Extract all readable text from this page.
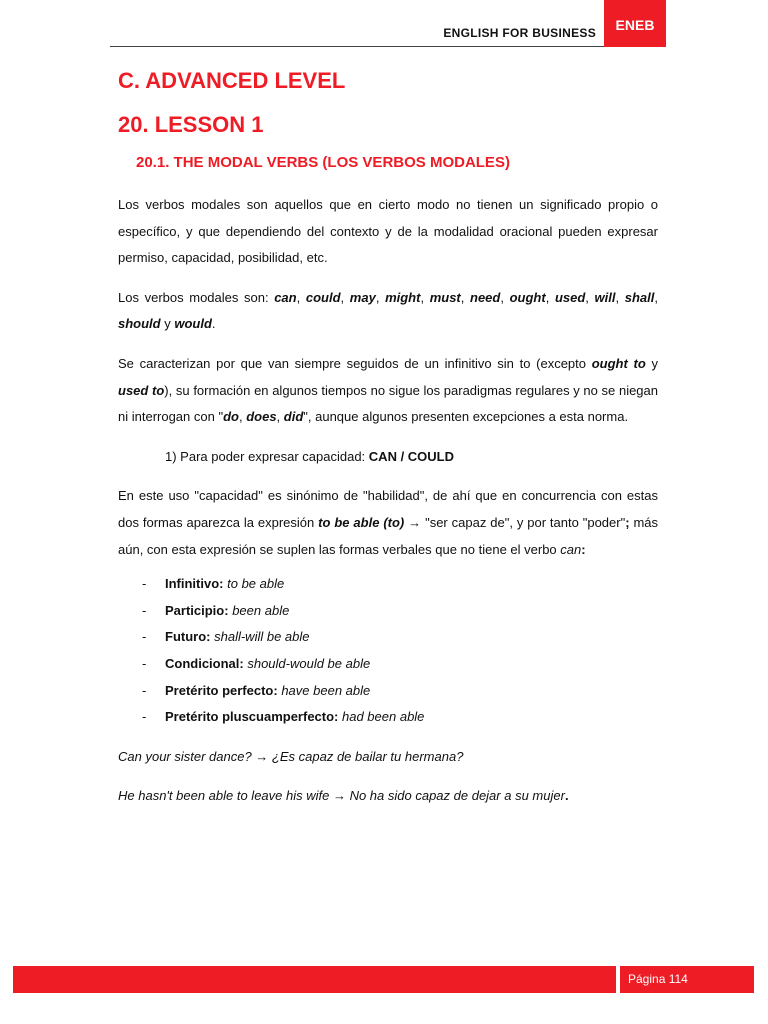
ENGLISH FOR BUSINESS	ENEB
C. ADVANCED LEVEL
20. LESSON 1
20.1. THE MODAL VERBS (LOS VERBOS MODALES)

Los verbos modales son aquellos que en cierto modo no tienen un significado propio o específico, y que dependiendo del contexto y de la modalidad oracional pueden expresar permiso, capacidad, posibilidad, etc.

Los verbos modales son: can, could, may, might, must, need, ought, used, will, shall, should y would.

Se caracterizan por que van siempre seguidos de un infinitivo sin to (excepto ought to y used to), su formación en algunos tiempos no sigue los paradigmas regulares y no se niegan ni interrogan con "do, does, did", aunque algunos presenten excepciones a esta norma.

1) Para poder expresar capacidad: CAN / COULD

En este uso "capacidad" es sinónimo de "habilidad", de ahí que en concurrencia con estas dos formas aparezca la expresión to be able (to) → "ser capaz de", y por tanto "poder"; más aún, con esta expresión se suplen las formas verbales que no tiene el verbo can:

- Infinitivo: to be able
- Participio: been able
- Futuro: shall-will be able
- Condicional: should-would be able
- Pretérito perfecto: have been able
- Pretérito pluscuamperfecto: had been able

Can your sister dance? → ¿Es capaz de bailar tu hermana?

He hasn't been able to leave his wife → No ha sido capaz de dejar a su mujer.

Página 114
